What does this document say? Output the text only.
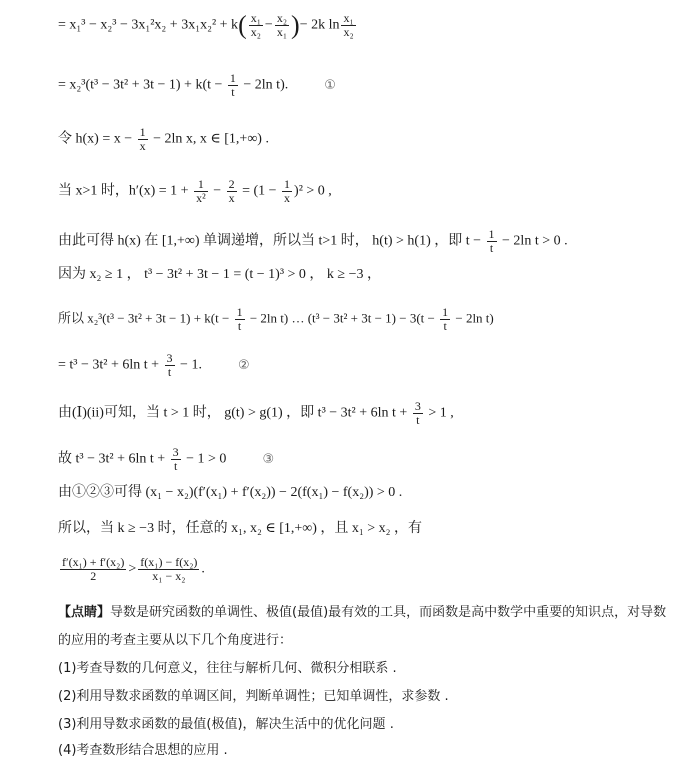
= $x_1^3 - x_2^3 - 3x_1^2x_2 + 3x_1x_2^2 + k( \frac{\text{x₁}}{\text{x₂}} - \frac{\text{x₂}}{\text{x₁}}$ )− 2k $\ln \frac{\text{x₁}}{\text{x₂}}$
= $x_2^3(t^3 - 3t^2 + 3t - 1) + k(t - \frac{1}{t} - 2\ln$ t).	①
令 $h(x) = x - \frac{1}{x} - 2\ln$ x, x ∈ [1,+∞) .
当 x>1 时，$h'(x) = 1 + \frac{1}{\text{x²}} - \frac{2}{x} = (1 - \frac{1}{x} )^2 > 0$ ,
由此可得 h(x) 在 [1,+∞) 单调递增，所以当 t>1 时， h(t) > h(1) ，即 $t - \frac{1}{t} - 2\ln$ t > 0 .
因为 x₂ ≥ 1 ， t³ − 3t² + 3t − 1 = (t − 1)³ > 0 ， k ≥ −3 ，
所以 $x_2^3(t^3 - 3t^2 + 3t - 1) + k(t - \frac{1}{t} - 2\ln$ t) … $(t^3 - 3t^2 + 3t - 1) - 3(t - \frac{1}{t} - 2\ln$ t)
= t³ − 3t² + 6ln $t + \frac{3}{t} - 1$.	②
由(Ⅰ)(ii)可知，当 t > 1 时， g(t) > g(1) ，即 t³ − 3t² + 6ln $t + \frac{3}{t} > 1$ ,
故 t³ − 3t² + 6ln $t + \frac{3}{t} - 1 > 0$	③
由①②③可得 (x₁ − x₂)(f′(x₁) + f′(x₂)) − 2(f(x₁) − f(x₂)) > 0 .
所以，当 k ≥ −3 时，任意的 x₁, x₂ ∈ [1,+∞) ，且 x₁ > x₂ ，有
$\frac{\text{f′(x₁) + f′(x₂)}}{2} > \frac{\text{f(x₁) − f(x₂)}}{\text{x₁ − x₂}}$ .
【点睛】导数是研究函数的单调性、极值(最值)最有效的工具，而函数是高中数学中重要的知识点，对导数
的应用的考查主要从以下几个角度进行：
(1)考查导数的几何意义，往往与解析几何、微积分相联系 .
(2)利用导数求函数的单调区间，判断单调性；已知单调性，求参数 .
(3)利用导数求函数的最值(极值)，解决生活中的优化问题 .
(4)考查数形结合思想的应用 .
